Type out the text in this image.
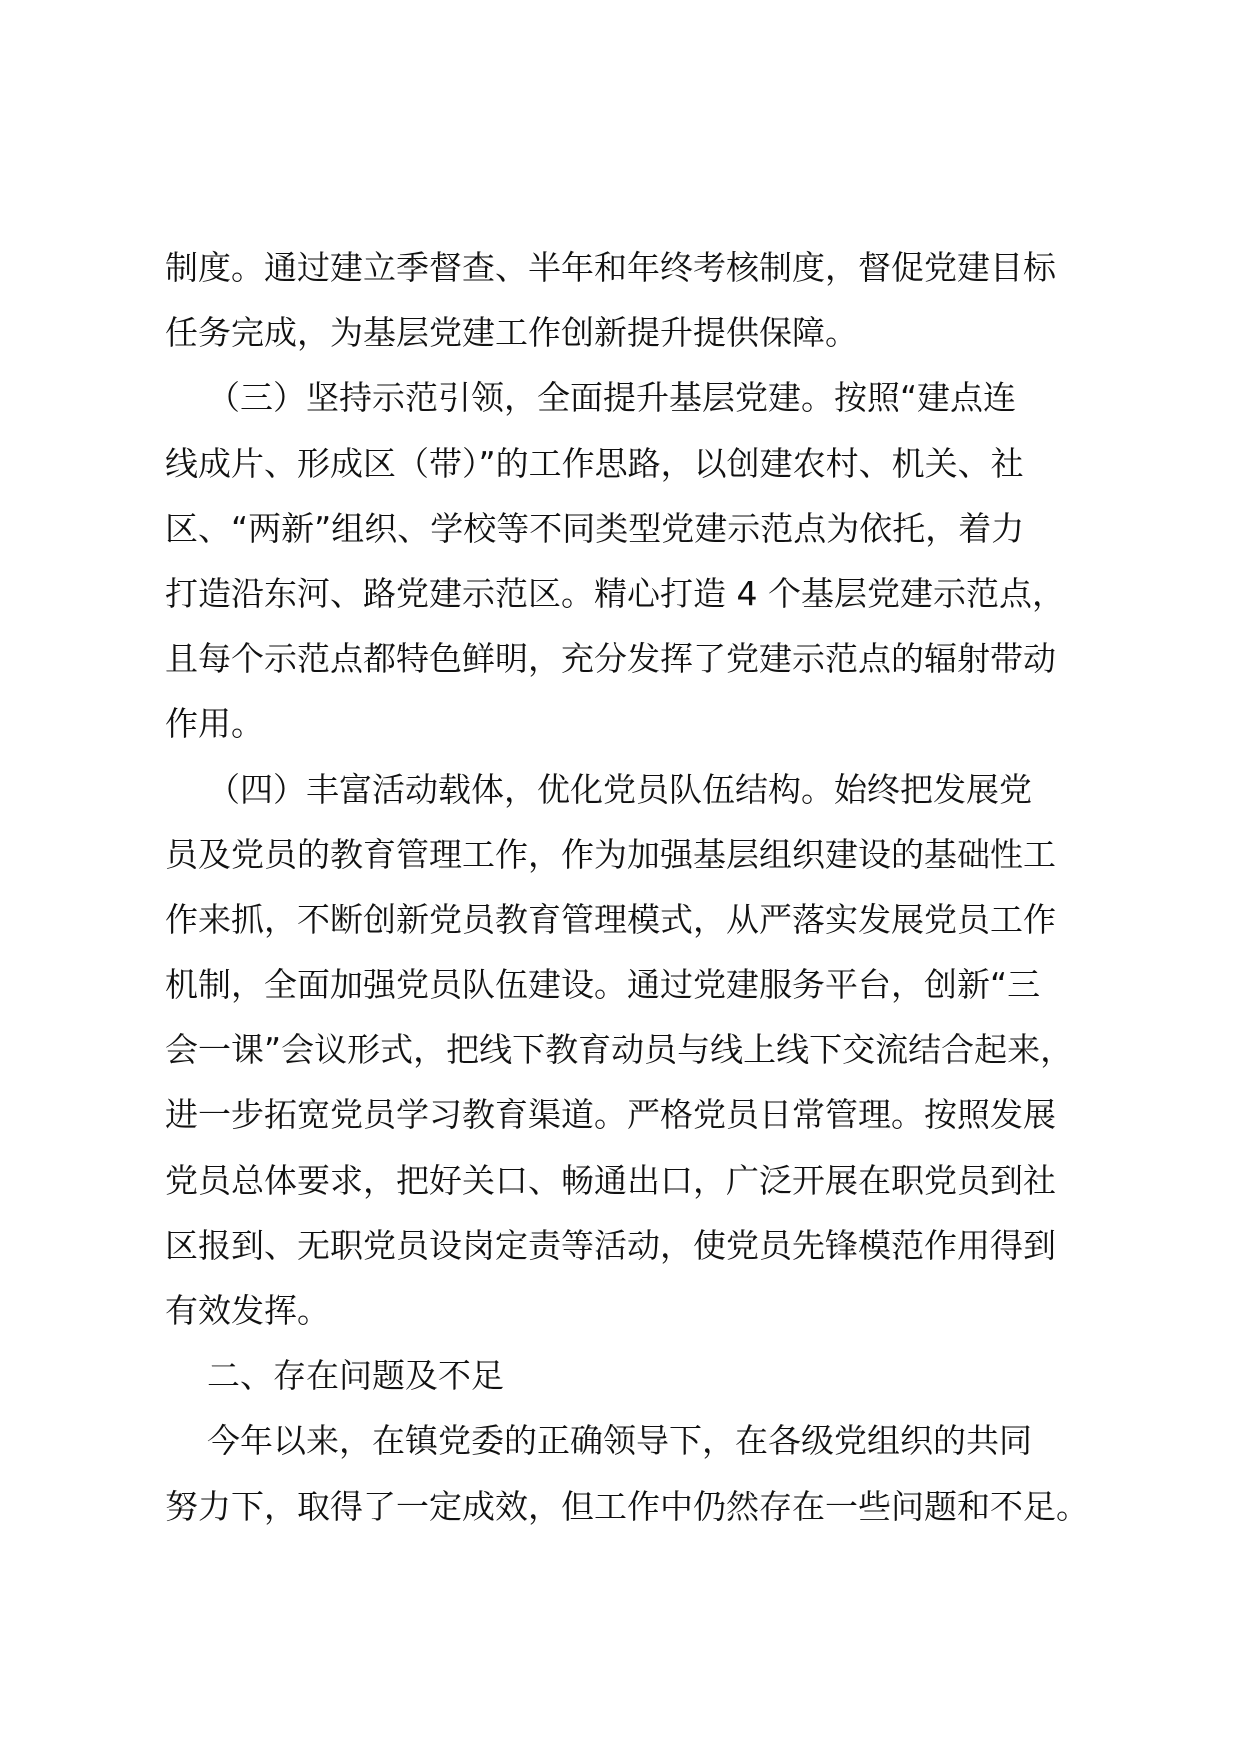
制度。通过建立季督查、半年和年终考核制度，督促党建目标
任务完成，为基层党建工作创新提升提供保障。
（三）坚持示范引领，全面提升基层党建。按照“建点连
线成片、形成区（带）”的工作思路，以创建农村、机关、社
区、“两新”组织、学校等不同类型党建示范点为依托，着力
打造沿东河、路党建示范区。精心打造 4 个基层党建示范点，
且每个示范点都特色鲜明，充分发挥了党建示范点的辐射带动
作用。
（四）丰富活动载体，优化党员队伍结构。始终把发展党
员及党员的教育管理工作，作为加强基层组织建设的基础性工
作来抓，不断创新党员教育管理模式，从严落实发展党员工作
机制，全面加强党员队伍建设。通过党建服务平台，创新“三
会一课”会议形式，把线下教育动员与线上线下交流结合起来，
进一步拓宽党员学习教育渠道。严格党员日常管理。按照发展
党员总体要求，把好关口、畅通出口，广泛开展在职党员到社
区报到、无职党员设岗定责等活动，使党员先锋模范作用得到
有效发挥。
二、存在问题及不足
今年以来，在镇党委的正确领导下，在各级党组织的共同
努力下，取得了一定成效，但工作中仍然存在一些问题和不足。
